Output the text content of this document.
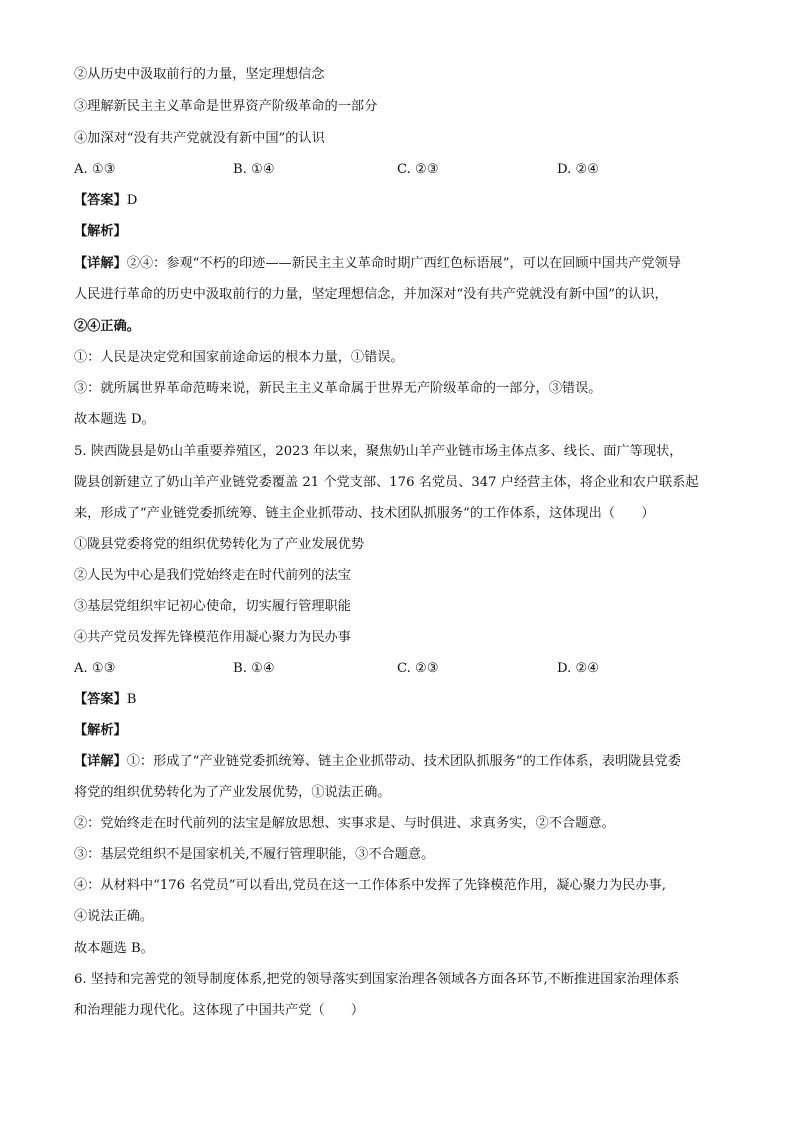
②从历史中汲取前行的力量，坚定理想信念
③理解新民主主义革命是世界资产阶级革命的一部分
④加深对“没有共产党就没有新中国”的认识
A. ①③	B. ①④	C. ②③	D. ②④
【答案】D
【解析】
【详解】②④：参观“不朽的印迹——新民主主义革命时期广西红色标语展”，可以在回顾中国共产党领导
人民进行革命的历史中汲取前行的力量，坚定理想信念，并加深对“没有共产党就没有新中国”的认识，
②④正确。
①：人民是决定党和国家前途命运的根本力量，①错误。
③：就所属世界革命范畴来说，新民主主义革命属于世界无产阶级革命的一部分，③错误。
故本题选 D。
5. 陕西陇县是奶山羊重要养殖区，2023 年以来，聚焦奶山羊产业链市场主体点多、线长、面广等现状，
陇县创新建立了奶山羊产业链党委覆盖 21 个党支部、176 名党员、347 户经营主体，将企业和农户联系起
来，形成了“产业链党委抓统筹、链主企业抓带动、技术团队抓服务”的工作体系，这体现出（　　）
①陇县党委将党的组织优势转化为了产业发展优势
②人民为中心是我们党始终走在时代前列的法宝
③基层党组织牢记初心使命，切实履行管理职能
④共产党员发挥先锋模范作用凝心聚力为民办事
A. ①③	B. ①④	C. ②③	D. ②④
【答案】B
【解析】
【详解】①：形成了“产业链党委抓统筹、链主企业抓带动、技术团队抓服务”的工作体系，表明陇县党委
将党的组织优势转化为了产业发展优势，①说法正确。
②：党始终走在时代前列的法宝是解放思想、实事求是、与时俱进、求真务实，②不合题意。
③：基层党组织不是国家机关,不履行管理职能，③不合题意。
④：从材料中“176 名党员”可以看出,党员在这一工作体系中发挥了先锋模范作用，凝心聚力为民办事,
④说法正确。
故本题选 B。
6. 坚持和完善党的领导制度体系,把党的领导落实到国家治理各领域各方面各环节,不断推进国家治理体系
和治理能力现代化。这体现了中国共产党（　　）
